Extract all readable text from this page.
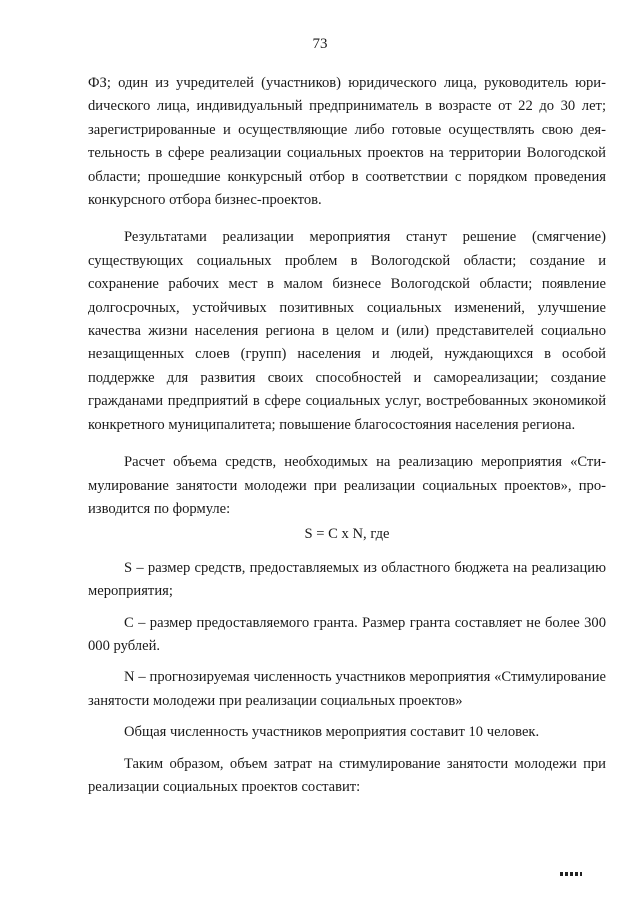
73

ФЗ; один из учредителей (участников) юридического лица, руководитель юриdического лица, индивидуальный предприниматель в возрасте от 22 до 30 лет; зарегистрированные и осуществляющие либо готовые осуществлять свою деятельность в сфере реализации социальных проектов на территории Вологодской области; прошедшие конкурсный отбор в соответствии с порядком проведения конкурсного отбора бизнес-проектов.

Результатами реализации мероприятия станут решение (смягчение) существующих социальных проблем в Вологодской области; создание и сохранение рабочих мест в малом бизнесе Вологодской области; появление долгосрочных, устойчивых позитивных социальных изменений, улучшение качества жизни населения региона в целом и (или) представителей социально незащищенных слоев (групп) населения и людей, нуждающихся в особой поддержке для развития своих способностей и самореализации; создание гражданами предприятий в сфере социальных услуг, востребованных экономикой конкретного муниципалитета; повышение благосостояния населения региона.

Расчет объема средств, необходимых на реализацию мероприятия «Стимулирование занятости молодежи при реализации социальных проектов», производится по формуле:

S = C x N, где

S – размер средств, предоставляемых из областного бюджета на реализацию мероприятия;

С – размер предоставляемого гранта. Размер гранта составляет не более 300 000 рублей.

N – прогнозируемая численность участников мероприятия «Стимулирование занятости молодежи при реализации социальных проектов»

Общая численность участников мероприятия составит 10 человек.

Таким образом, объем затрат на стимулирование занятости молодежи при реализации социальных проектов составит:
